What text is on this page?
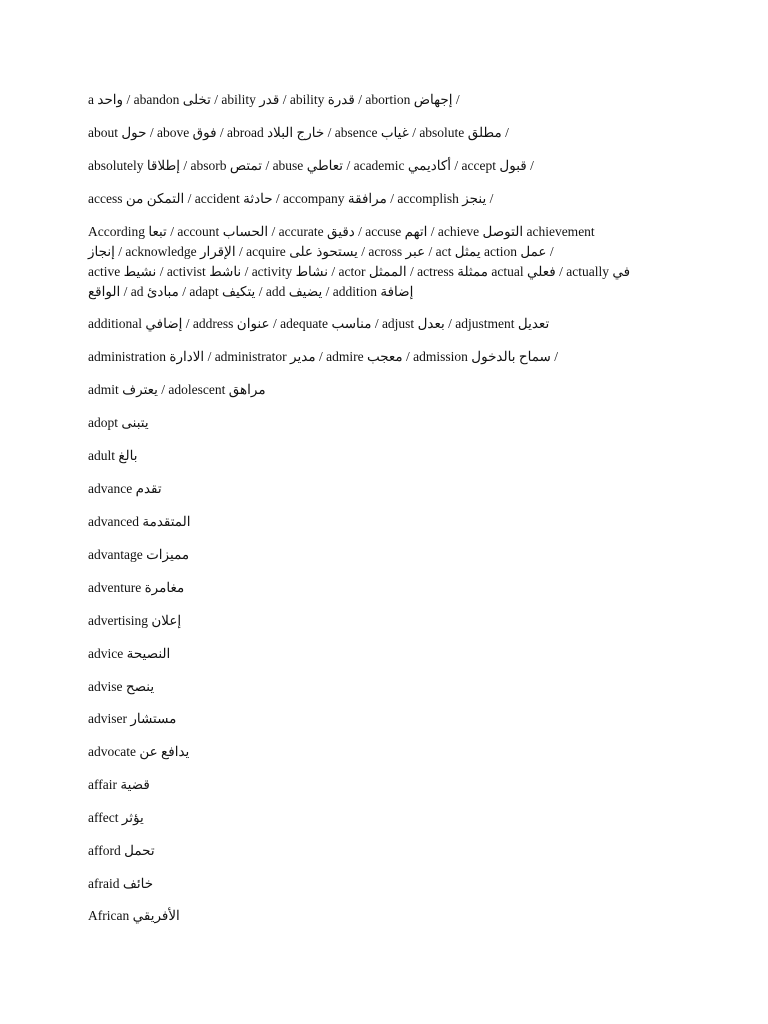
a واحد / abandon تخلى / ability قدر / ability قدرة / abortion إجهاض /
about حول / above فوق / abroad خارج البلاد / absence غياب / absolute مطلق /
absolutely إطلاقا / absorb تمتص / abuse تعاطي / academic أكاديمي / accept قبول /
access التمكن من / accident حادثة / accompany مرافقة / accomplish ينجز /
According تبعا / account الحساب / accurate دقيق / accuse اتهم / achieve التوصل achievement
إنجاز / acknowledge الإقرار / acquire يستحوذ على / across عبر / act يمثل action عمل /
active نشيط / activist ناشط / activity نشاط / actor الممثل / actress ممثلة actual فعلي / actually في
الواقع / ad مبادئ / adapt يتكيف / add يضيف / addition إضافة
additional إضافي / address عنوان / adequate مناسب / adjust بعدل / adjustment تعديل
administration الادارة / administrator مدير / admire معجب / admission سماح بالدخول /
admit يعترف / adolescent مراهق
adopt يتبنى
adult بالغ
advance تقدم
advanced المتقدمة
advantage مميزات
adventure مغامرة
advertising إعلان
advice النصيحة
advise ينصح
adviser مستشار
advocate يدافع عن
affair قضية
affect يؤثر
afford تحمل
afraid خائف
African الأفريقي
